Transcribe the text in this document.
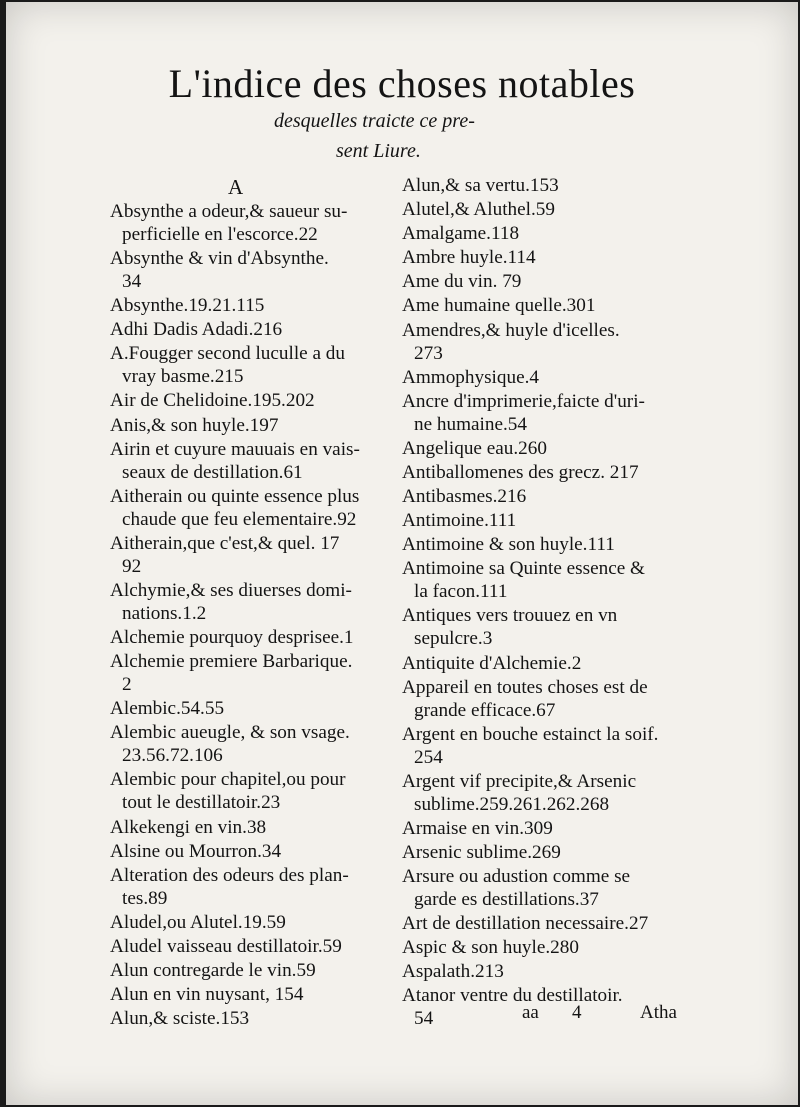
L'indice des choses notables
desquelles traicte ce pre-
sent Liure.
A
Absynthe a odeur,& saueur su-
perficielle en l'escorce.22
Absynthe & vin d'Absynthe.
34
Absynthe.19.21.115
Adhi Dadis Adadi.216
A.Fougger second luculle a du
vray basme.215
Air de Chelidoine.195.202
Anis,& son huyle.197
Airin et cuyure mauuais en vais-
seaux de destillation.61
Aitherain ou quinte essence plus
chaude que feu elementaire.92
Aitherain,que c'est,& quel. 17
92
Alchymie,& ses diuerses domi-
nations.1.2
Alchemie pourquoy desprisee.1
Alchemie premiere Barbarique.
2
Alembic.54.55
Alembic aueugle, & son vsage.
23.56.72.106
Alembic pour chapitel,ou pour
tout le destillatoir.23
Alkekengi en vin.38
Alsine ou Mourron.34
Alteration des odeurs des plan-
tes.89
Aludel,ou Alutel.19.59
Aludel vaisseau destillatoir.59
Alun contregarde le vin.59
Alun en vin nuysant, 154
Alun,& sciste.153
Alun,& sa vertu.153
Alutel,& Aluthel.59
Amalgame.118
Ambre huyle.114
Ame du vin. 79
Ame humaine quelle.301
Amendres,& huyle d'icelles.
273
Ammophysique.4
Ancre d'imprimerie,faicte d'uri-
ne humaine.54
Angelique eau.260
Antiballomenes des grecz. 217
Antibasmes.216
Antimoine.111
Antimoine & son huyle.111
Antimoine sa Quinte essence &
la facon.111
Antiques vers trouuez en vn
sepulcre.3
Antiquite d'Alchemie.2
Appareil en toutes choses est de
grande efficace.67
Argent en bouche estainct la soif.
254
Argent vif precipite,& Arsenic
sublime.259.261.262.268
Armaise en vin.309
Arsenic sublime.269
Arsure ou adustion comme se
garde es destillations.37
Art de destillation necessaire.27
Aspic & son huyle.280
Aspalath.213
Atanor ventre du destillatoir.
54	aa 4	Atha
